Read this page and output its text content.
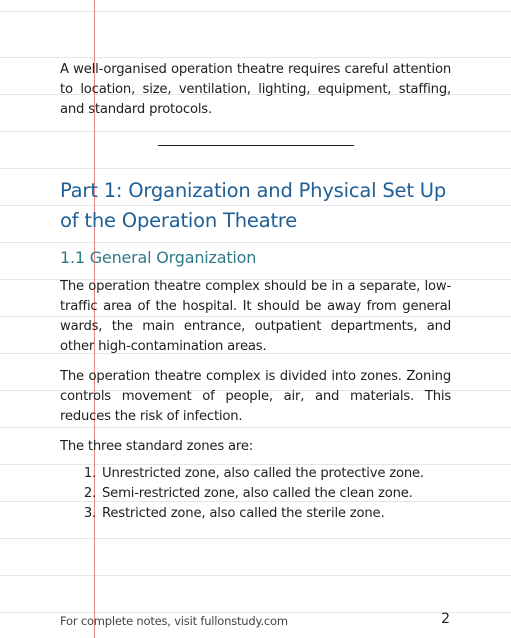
A well-organised operation theatre requires careful attention to location, size, ventilation, lighting, equipment, staffing, and standard protocols.

Part 1: Organization and Physical Set Up of the Operation Theatre
1.1 General Organization

The operation theatre complex should be in a separate, low-traffic area of the hospital. It should be away from general wards, the main entrance, outpatient departments, and other high-contamination areas.

The operation theatre complex is divided into zones. Zoning controls movement of people, air, and materials. This reduces the risk of infection.

The three standard zones are:

1. Unrestricted zone, also called the protective zone.
2. Semi-restricted zone, also called the clean zone.
3. Restricted zone, also called the sterile zone.
For complete notes, visit fullonstudy.com	2
